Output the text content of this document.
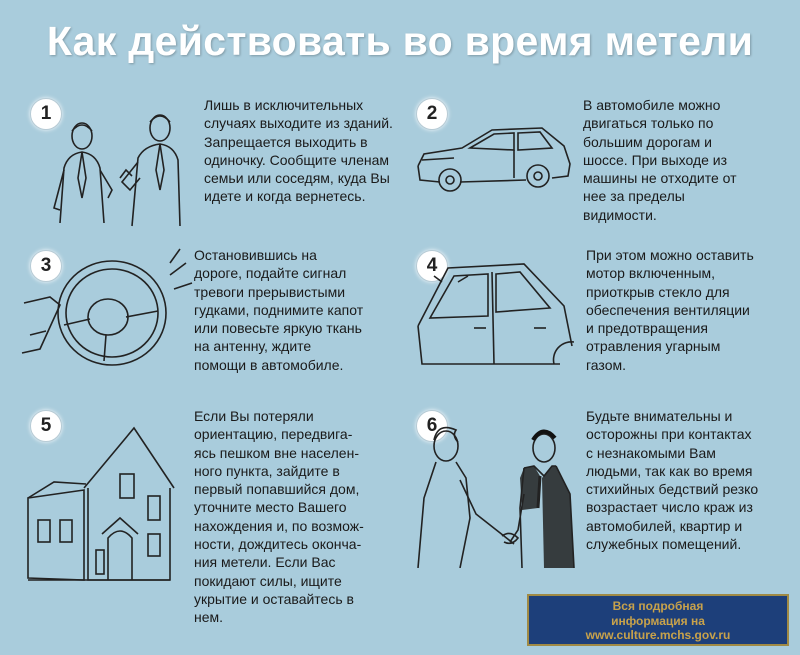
Как действовать во время метели
1	Лишь в исключительных
случаях выходите из зданий.
Запрещается выходить в
одиночку. Сообщите членам
семьи или соседям, куда Вы
идете и когда вернетесь.
2	В автомобиле можно
двигаться только по
большим дорогам и
шоссе. При выходе из
машины не отходите от
нее за пределы
видимости.
3	Остановившись на
дороге, подайте сигнал
тревоги прерывистыми
гудками, поднимите капот
или повесьте яркую ткань
на антенну, ждите
помощи в автомобиле.
4	При этом можно оставить
мотор включенным,
приоткрыв стекло для
обеспечения вентиляции
и предотвращения
отравления угарным
газом.
5	Если Вы потеряли
ориентацию, передвига-
ясь пешком вне населен-
ного пункта, зайдите в
первый попавшийся дом,
уточните место Вашего
нахождения и, по возмож-
ности, дождитесь оконча-
ния метели. Если Вас
покидают силы, ищите
укрытие и оставайтесь в
нем.
6	Будьте внимательны и
осторожны при контактах
с незнакомыми Вам
людьми, так как во время
стихийных бедствий резко
возрастает число краж из
автомобилей, квартир и
служебных помещений.
Вся подробная
информация на
www.culture.mchs.gov.ru
